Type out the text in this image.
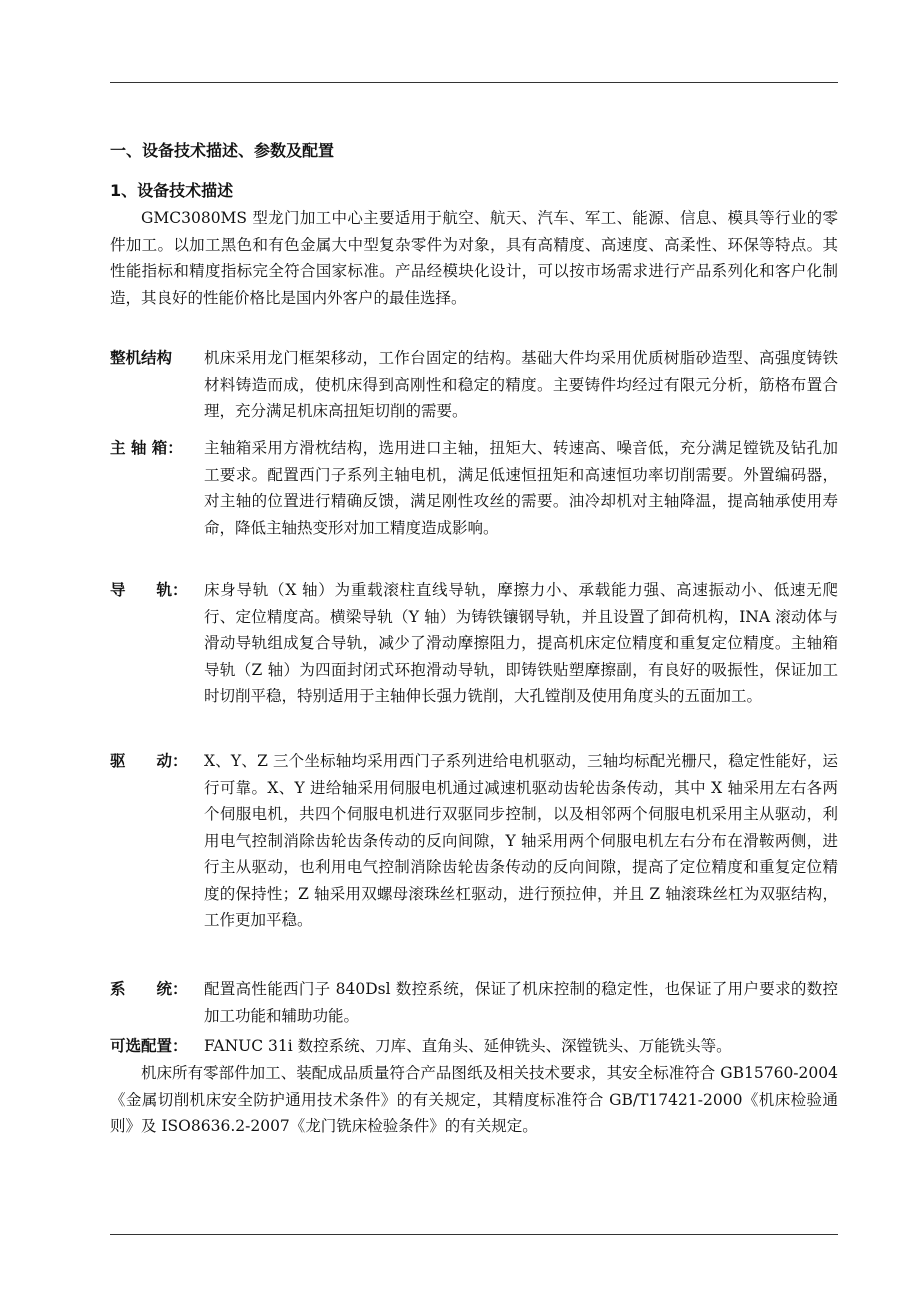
一、设备技术描述、参数及配置
1、设备技术描述

GMC3080MS 型龙门加工中心主要适用于航空、航天、汽车、军工、能源、信息、模具等行业的零件加工。以加工黑色和有色金属大中型复杂零件为对象，具有高精度、高速度、高柔性、环保等特点。其性能指标和精度指标完全符合国家标准。产品经模块化设计，可以按市场需求进行产品系列化和客户化制造，其良好的性能价格比是国内外客户的最佳选择。

整机结构	机床采用龙门框架移动，工作台固定的结构。基础大件均采用优质树脂砂造型、高强度铸铁材料铸造而成，使机床得到高刚性和稳定的精度。主要铸件均经过有限元分析，筋格布置合理，充分满足机床高扭矩切削的需要。
主 轴 箱：	主轴箱采用方滑枕结构，选用进口主轴，扭矩大、转速高、噪音低，充分满足镗铣及钻孔加工要求。配置西门子系列主轴电机，满足低速恒扭矩和高速恒功率切削需要。外置编码器，对主轴的位置进行精确反馈，满足刚性攻丝的需要。油冷却机对主轴降温，提高轴承使用寿命，降低主轴热变形对加工精度造成影响。
导　　轨：	床身导轨（X 轴）为重载滚柱直线导轨，摩擦力小、承载能力强、高速振动小、低速无爬行、定位精度高。横梁导轨（Y 轴）为铸铁镶钢导轨，并且设置了卸荷机构，INA 滚动体与滑动导轨组成复合导轨，减少了滑动摩擦阻力，提高机床定位精度和重复定位精度。主轴箱导轨（Z 轴）为四面封闭式环抱滑动导轨，即铸铁贴塑摩擦副，有良好的吸振性，保证加工时切削平稳，特别适用于主轴伸长强力铣削，大孔镗削及使用角度头的五面加工。
驱　　动：	X、Y、Z 三个坐标轴均采用西门子系列进给电机驱动，三轴均标配光栅尺，稳定性能好，运行可靠。X、Y 进给轴采用伺服电机通过减速机驱动齿轮齿条传动，其中 X 轴采用左右各两个伺服电机，共四个伺服电机进行双驱同步控制，以及相邻两个伺服电机采用主从驱动，利用电气控制消除齿轮齿条传动的反向间隙，Y 轴采用两个伺服电机左右分布在滑鞍两侧，进行主从驱动，也利用电气控制消除齿轮齿条传动的反向间隙，提高了定位精度和重复定位精度的保持性；Z 轴采用双螺母滚珠丝杠驱动，进行预拉伸，并且 Z 轴滚珠丝杠为双驱结构，工作更加平稳。
系　　统：	配置高性能西门子 840Dsl 数控系统，保证了机床控制的稳定性，也保证了用户要求的数控加工功能和辅助功能。
可选配置：	FANUC 31i 数控系统、刀库、直角头、延伸铣头、深镗铣头、万能铣头等。

机床所有零部件加工、装配成品质量符合产品图纸及相关技术要求，其安全标准符合 GB15760-2004《金属切削机床安全防护通用技术条件》的有关规定，其精度标准符合 GB/T17421-2000《机床检验通则》及 ISO8636.2-2007《龙门铣床检验条件》的有关规定。
